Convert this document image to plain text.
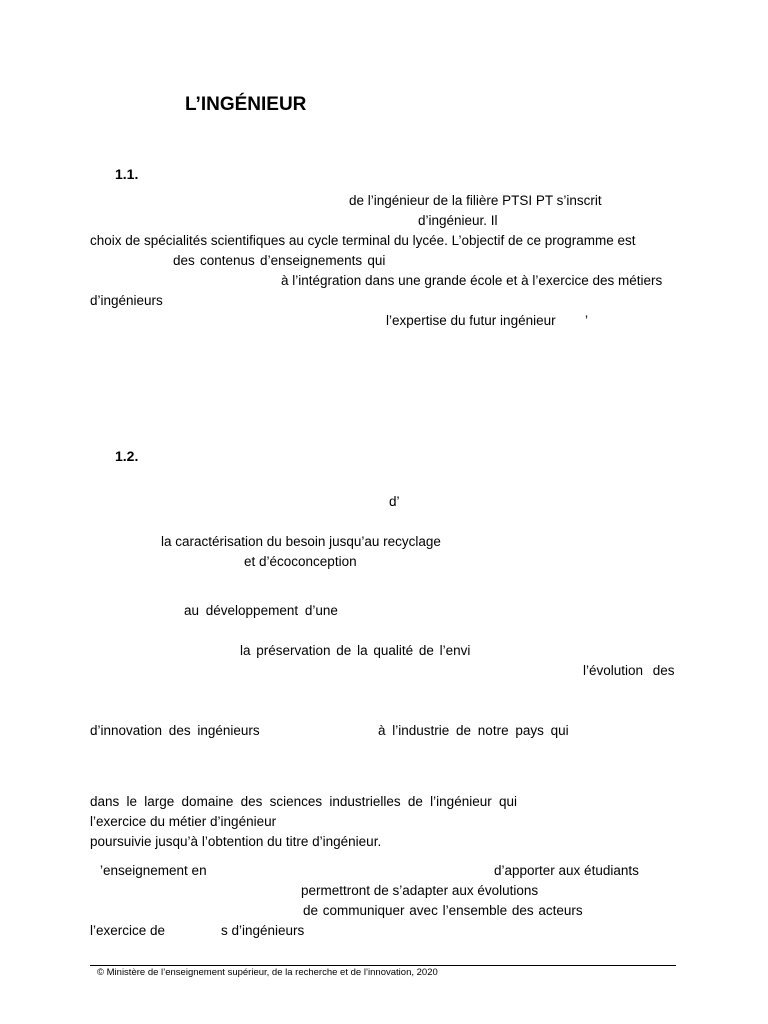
L’INGÉNIEUR
1.1.
de l’ingénieur de la filière PTSI PT s’inscrit
d’ingénieur. Il
choix de spécialités scientifiques au cycle terminal du lycée. L’objectif de ce programme est
des contenus d’enseignements qui
à l’intégration dans une grande école et à l’exercice des métiers
d’ingénieurs
l’expertise du futur ingénieur ’
1.2.
d’
la caractérisation du besoin jusqu’au recyclage
et d’écoconception
au développement d’une
la préservation de la qualité de l’envi
l’évolution des
d’innovation des ingénieurs	à l’industrie de notre pays qui
dans le large domaine des sciences industrielles de l’ingénieur qui
l’exercice du métier d’ingénieur
poursuivie jusqu’à l’obtention du titre d’ingénieur.
’enseignement en	d’apporter aux étudiants
permettront de s’adapter aux évolutions
de communiquer avec l’ensemble des acteurs
l’exercice de	s d’ingénieurs
© Ministère de l’enseignement supérieur, de la recherche et de l’innovation, 2020
